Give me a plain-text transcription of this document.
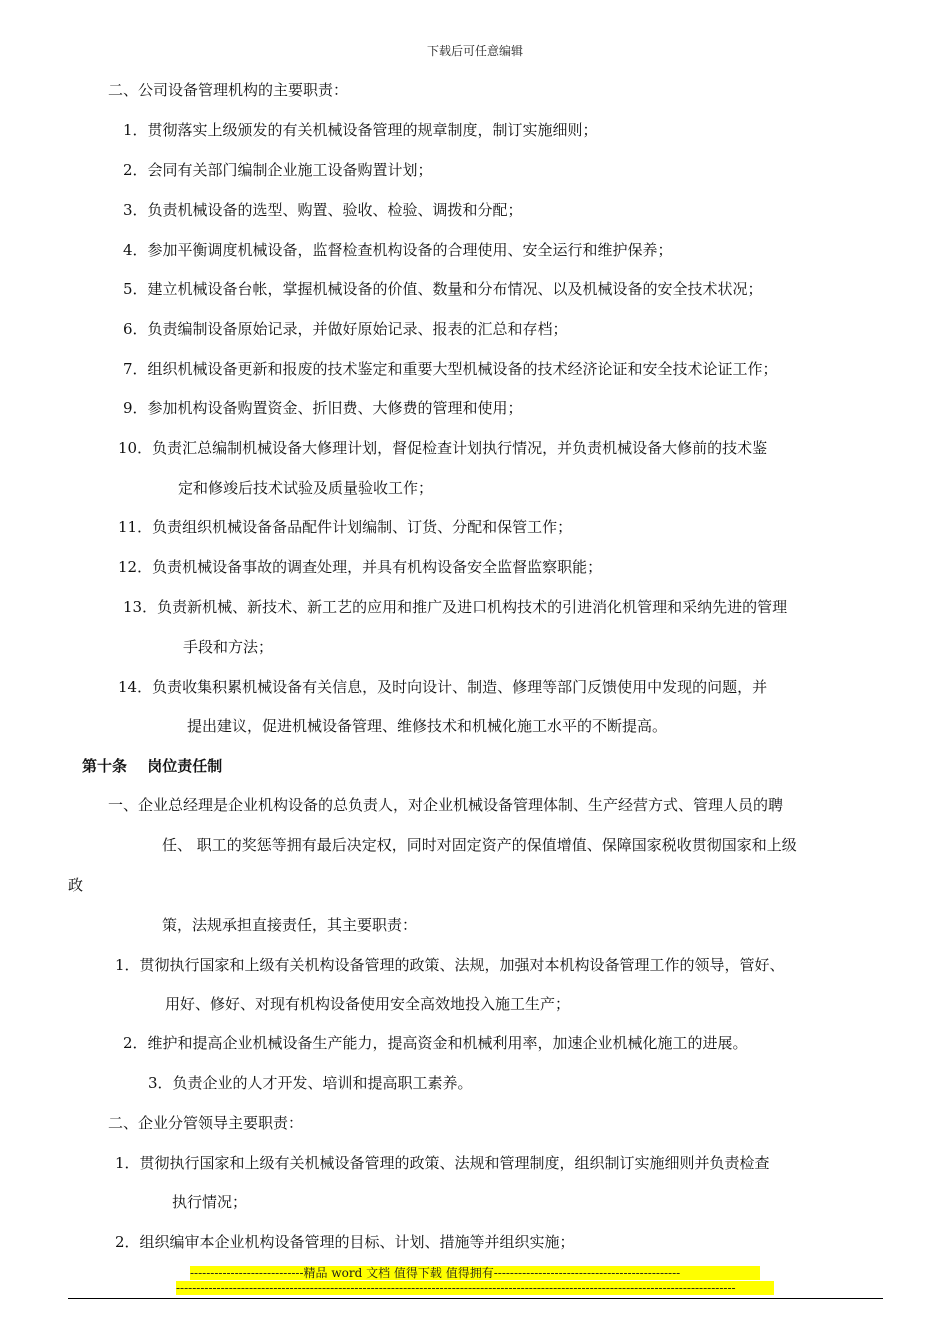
下载后可任意编辑
二、公司设备管理机构的主要职责：
1．贯彻落实上级颁发的有关机械设备管理的规章制度，制订实施细则；
2．会同有关部门编制企业施工设备购置计划；
3．负责机械设备的选型、购置、验收、检验、调拨和分配；
4．参加平衡调度机械设备，监督检查机构设备的合理使用、安全运行和维护保养；
5．建立机械设备台帐，掌握机械设备的价值、数量和分布情况、以及机械设备的安全技术状况；
6．负责编制设备原始记录，并做好原始记录、报表的汇总和存档；
7．组织机械设备更新和报废的技术鉴定和重要大型机械设备的技术经济论证和安全技术论证工作；
9．参加机构设备购置资金、折旧费、大修费的管理和使用；
10．负责汇总编制机械设备大修理计划，督促检查计划执行情况，并负责机械设备大修前的技术鉴
定和修竣后技术试验及质量验收工作；
11．负责组织机械设备备品配件计划编制、订货、分配和保管工作；
12．负责机械设备事故的调查处理，并具有机构设备安全监督监察职能；
13．负责新机械、新技术、新工艺的应用和推广及进口机构技术的引进消化机管理和采纳先进的管理
手段和方法；
14．负责收集积累机械设备有关信息，及时向设计、制造、修理等部门反馈使用中发现的问题，并
提出建议，促进机械设备管理、维修技术和机械化施工水平的不断提高。
第十条　 岗位责任制
一、企业总经理是企业机构设备的总负责人，对企业机械设备管理体制、生产经营方式、管理人员的聘
任、 职工的奖惩等拥有最后决定权，同时对固定资产的保值增值、保障国家税收贯彻国家和上级
政
策，法规承担直接责任，其主要职责：
1．贯彻执行国家和上级有关机构设备管理的政策、法规，加强对本机构设备管理工作的领导，管好、
用好、修好、对现有机构设备使用安全高效地投入施工生产；
2．维护和提高企业机械设备生产能力，提高资金和机械利用率，加速企业机械化施工的进展。
3．负责企业的人才开发、培训和提高职工素养。
二、企业分管领导主要职责：
1．贯彻执行国家和上级有关机械设备管理的政策、法规和管理制度，组织制订实施细则并负责检查
执行情况；
2．组织编审本企业机构设备管理的目标、计划、措施等并组织实施；
----------------------------精品 word 文档 值得下载 值得拥有----------------------------------------------
------------------------------------------------------------------------------------------------------------------------------------------
